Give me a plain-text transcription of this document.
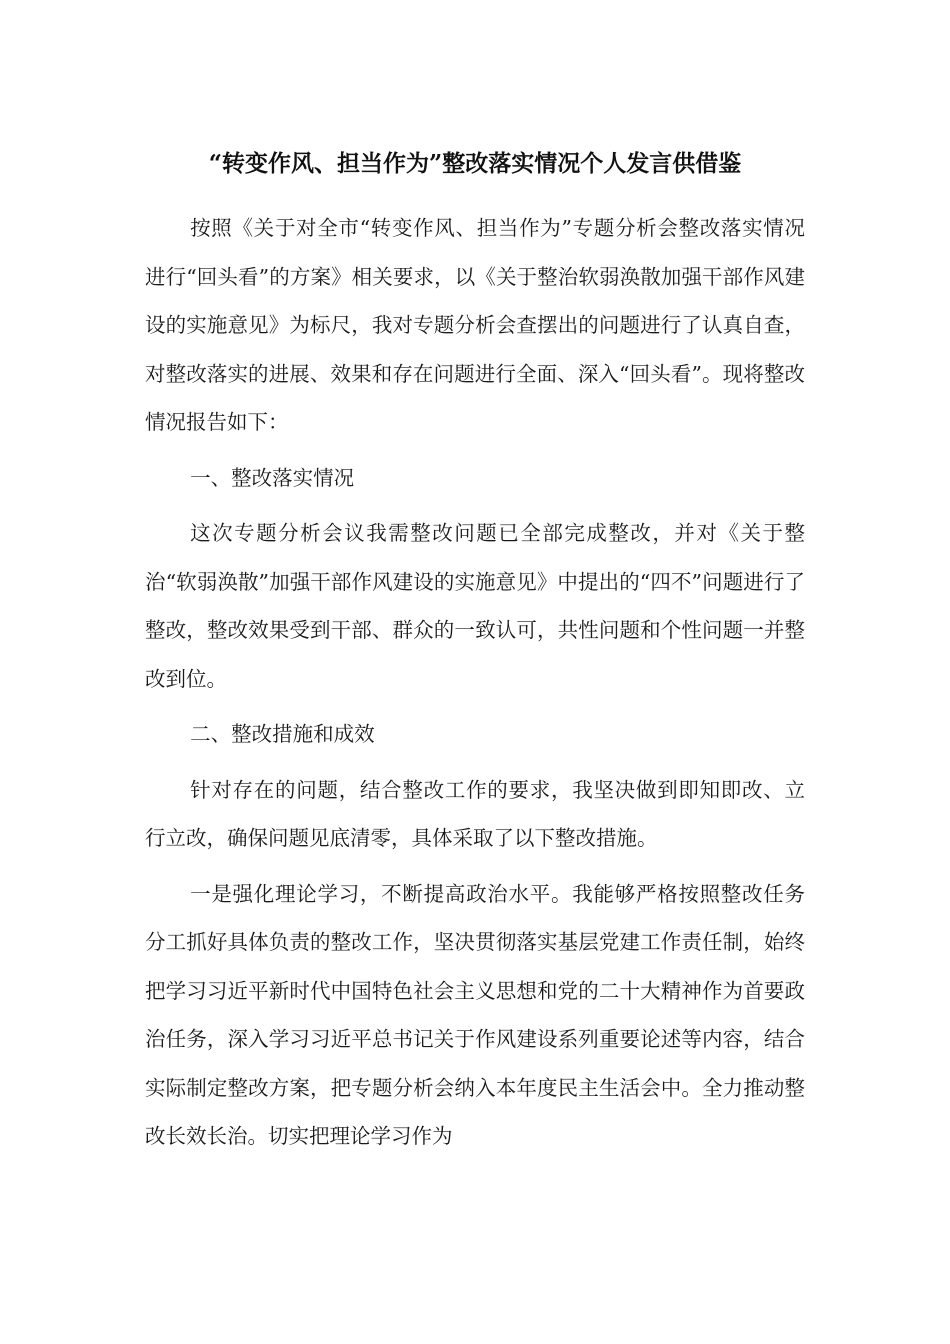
“转变作风、担当作为”整改落实情况个人发言供借鉴

按照《关于对全市“转变作风、担当作为”专题分析会整改落实情况进行“回头看”的方案》相关要求，以《关于整治软弱涣散加强干部作风建设的实施意见》为标尺，我对专题分析会查摆出的问题进行了认真自查，对整改落实的进展、效果和存在问题进行全面、深入“回头看”。现将整改情况报告如下：

一、整改落实情况

这次专题分析会议我需整改问题已全部完成整改，并对《关于整治“软弱涣散”加强干部作风建设的实施意见》中提出的“四不”问题进行了整改，整改效果受到干部、群众的一致认可，共性问题和个性问题一并整改到位。

二、整改措施和成效

针对存在的问题，结合整改工作的要求，我坚决做到即知即改、立行立改，确保问题见底清零，具体采取了以下整改措施。

一是强化理论学习，不断提高政治水平。我能够严格按照整改任务分工抓好具体负责的整改工作，坚决贯彻落实基层党建工作责任制，始终把学习习近平新时代中国特色社会主义思想和党的二十大精神作为首要政治任务，深入学习习近平总书记关于作风建设系列重要论述等内容，结合实际制定整改方案，把专题分析会纳入本年度民主生活会中。全力推动整改长效长治。切实把理论学习作为
